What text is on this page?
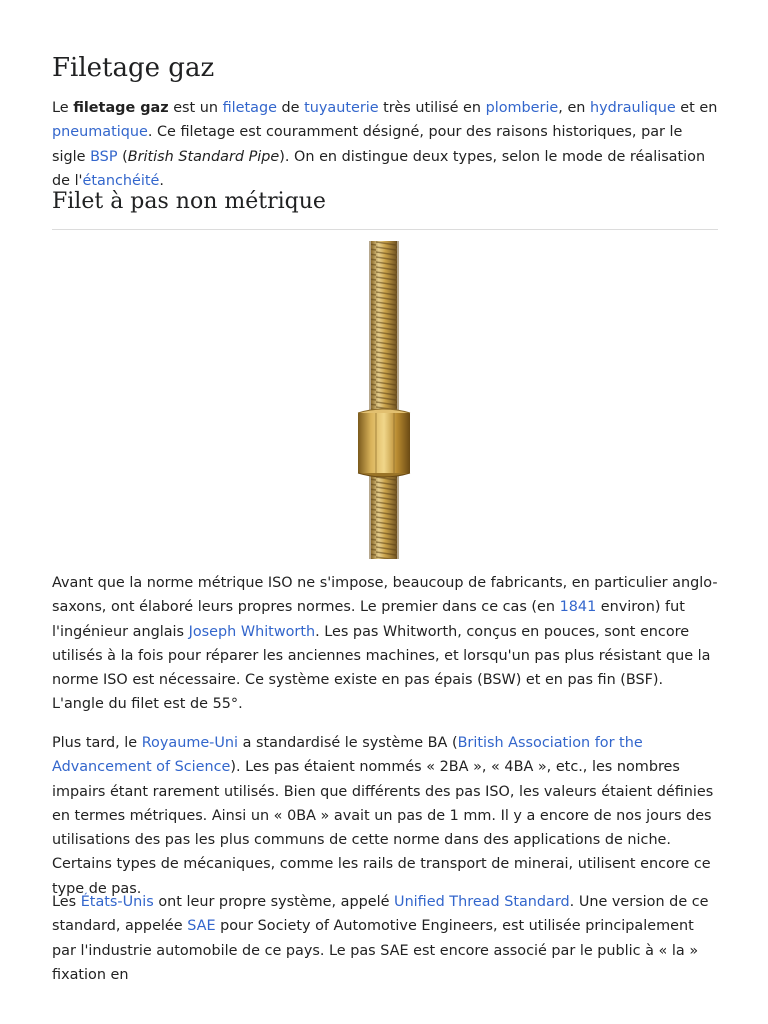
Filetage gaz

Le filetage gaz est un filetage de tuyauterie très utilisé en plomberie, en hydraulique et en pneumatique. Ce filetage est couramment désigné, pour des raisons historiques, par le sigle BSP (British Standard Pipe). On en distingue deux types, selon le mode de réalisation de l'étanchéité.

Filet à pas non métrique

Avant que la norme métrique ISO ne s'impose, beaucoup de fabricants, en particulier anglo-saxons, ont élaboré leurs propres normes. Le premier dans ce cas (en 1841 environ) fut l'ingénieur anglais Joseph Whitworth. Les pas Whitworth, conçus en pouces, sont encore utilisés à la fois pour réparer les anciennes machines, et lorsqu'un pas plus résistant que la norme ISO est nécessaire. Ce système existe en pas épais (BSW) et en pas fin (BSF). L'angle du filet est de 55°.

Plus tard, le Royaume-Uni a standardisé le système BA (British Association for the Advancement of Science). Les pas étaient nommés « 2BA », « 4BA », etc., les nombres impairs étant rarement utilisés. Bien que différents des pas ISO, les valeurs étaient définies en termes métriques. Ainsi un « 0BA » avait un pas de 1 mm. Il y a encore de nos jours des utilisations des pas les plus communs de cette norme dans des applications de niche. Certains types de mécaniques, comme les rails de transport de minerai, utilisent encore ce type de pas.

Les États-Unis ont leur propre système, appelé Unified Thread Standard. Une version de ce standard, appelée SAE pour Society of Automotive Engineers, est utilisée principalement par l'industrie automobile de ce pays. Le pas SAE est encore associé par le public à « la » fixation en
